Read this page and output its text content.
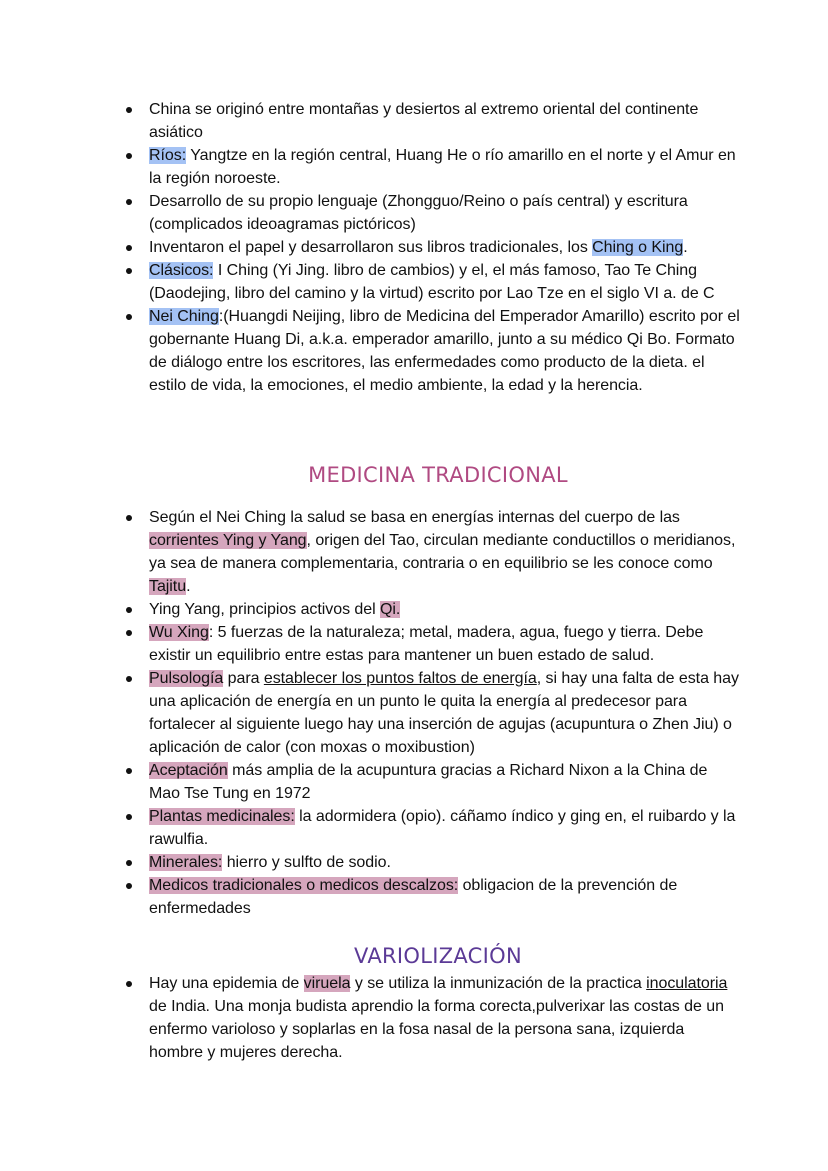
China se originó entre montañas y desiertos al extremo oriental del continente asiático
Ríos: Yangtze en la región central, Huang He o río amarillo en el norte y el Amur en la región noroeste.
Desarrollo de su propio lenguaje (Zhongguo/Reino o país central) y escritura (complicados ideoagramas pictóricos)
Inventaron el papel y desarrollaron sus libros tradicionales, los Ching o King.
Clásicos: I Ching (Yi Jing. libro de cambios) y el, el más famoso, Tao Te Ching (Daodejing, libro del camino y la virtud) escrito por Lao Tze en el siglo VI a. de C
Nei Ching:(Huangdi Neijing, libro de Medicina del Emperador Amarillo) escrito por el gobernante Huang Di, a.k.a. emperador amarillo, junto a su médico Qi Bo. Formato de diálogo entre los escritores, las enfermedades como producto de la dieta. el estilo de vida, la emociones, el medio ambiente, la edad y la herencia.
MEDICINA TRADICIONAL
Según el Nei Ching la salud se basa en energías internas del cuerpo de las corrientes Ying y Yang, origen del Tao, circulan mediante conductillos o meridianos, ya sea de manera complementaria, contraria o en equilibrio se les conoce como Tajitu.
Ying Yang, principios activos del Qi.
Wu Xing: 5 fuerzas de la naturaleza; metal, madera, agua, fuego y tierra. Debe existir un equilibrio entre estas para mantener un buen estado de salud.
Pulsología para establecer los puntos faltos de energía, si hay una falta de esta hay una aplicación de energía en un punto le quita la energía al predecesor para fortalecer al siguiente luego hay una inserción de agujas (acupuntura o Zhen Jiu) o aplicación de calor (con moxas o moxibustion)
Aceptación más amplia de la acupuntura gracias a Richard Nixon a la China de Mao Tse Tung en 1972
Plantas medicinales: la adormidera (opio). cáñamo índico y ging en, el ruibardo y la rawulfia.
Minerales: hierro y sulfto de sodio.
Medicos tradicionales o medicos descalzos: obligacion de la prevención de enfermedades
VARIOLIZACIÓN
Hay una epidemia de viruela y se utiliza la inmunización de la practica inoculatoria de India. Una monja budista aprendio la forma corecta,pulverixar las costas de un enfermo varioloso y soplarlas en la fosa nasal de la persona sana, izquierda hombre y mujeres derecha.
